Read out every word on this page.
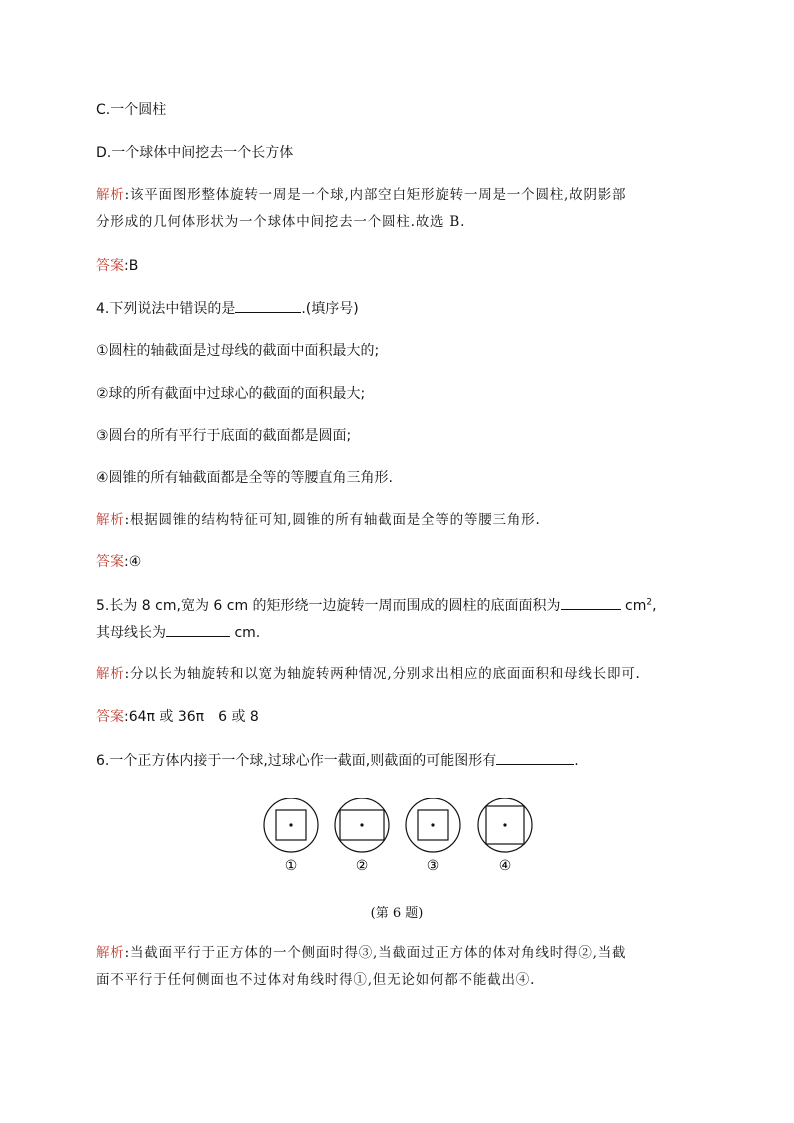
C.一个圆柱
D.一个球体中间挖去一个长方体
解析:该平面图形整体旋转一周是一个球,内部空白矩形旋转一周是一个圆柱,故阴影部
分形成的几何体形状为一个球体中间挖去一个圆柱.故选 B.
答案:B
4.下列说法中错误的是	.(填序号)
①圆柱的轴截面是过母线的截面中面积最大的;
②球的所有截面中过球心的截面的面积最大;
③圆台的所有平行于底面的截面都是圆面;
④圆锥的所有轴截面都是全等的等腰直角三角形.
解析:根据圆锥的结构特征可知,圆锥的所有轴截面是全等的等腰三角形.
答案:④
5.长为 8 cm,宽为 6 cm 的矩形绕一边旋转一周而围成的圆柱的底面面积为	$cm^2$,
其母线长为	cm.
解析:分以长为轴旋转和以宽为轴旋转两种情况,分别求出相应的底面面积和母线长即可.
答案:64π 或 36π　6 或 8
6.一个正方体内接于一个球,过球心作一截面,则截面的可能图形有	.
①	②	③	④
(第 6 题)
解析:当截面平行于正方体的一个侧面时得③,当截面过正方体的体对角线时得②,当截
面不平行于任何侧面也不过体对角线时得①,但无论如何都不能截出④.
